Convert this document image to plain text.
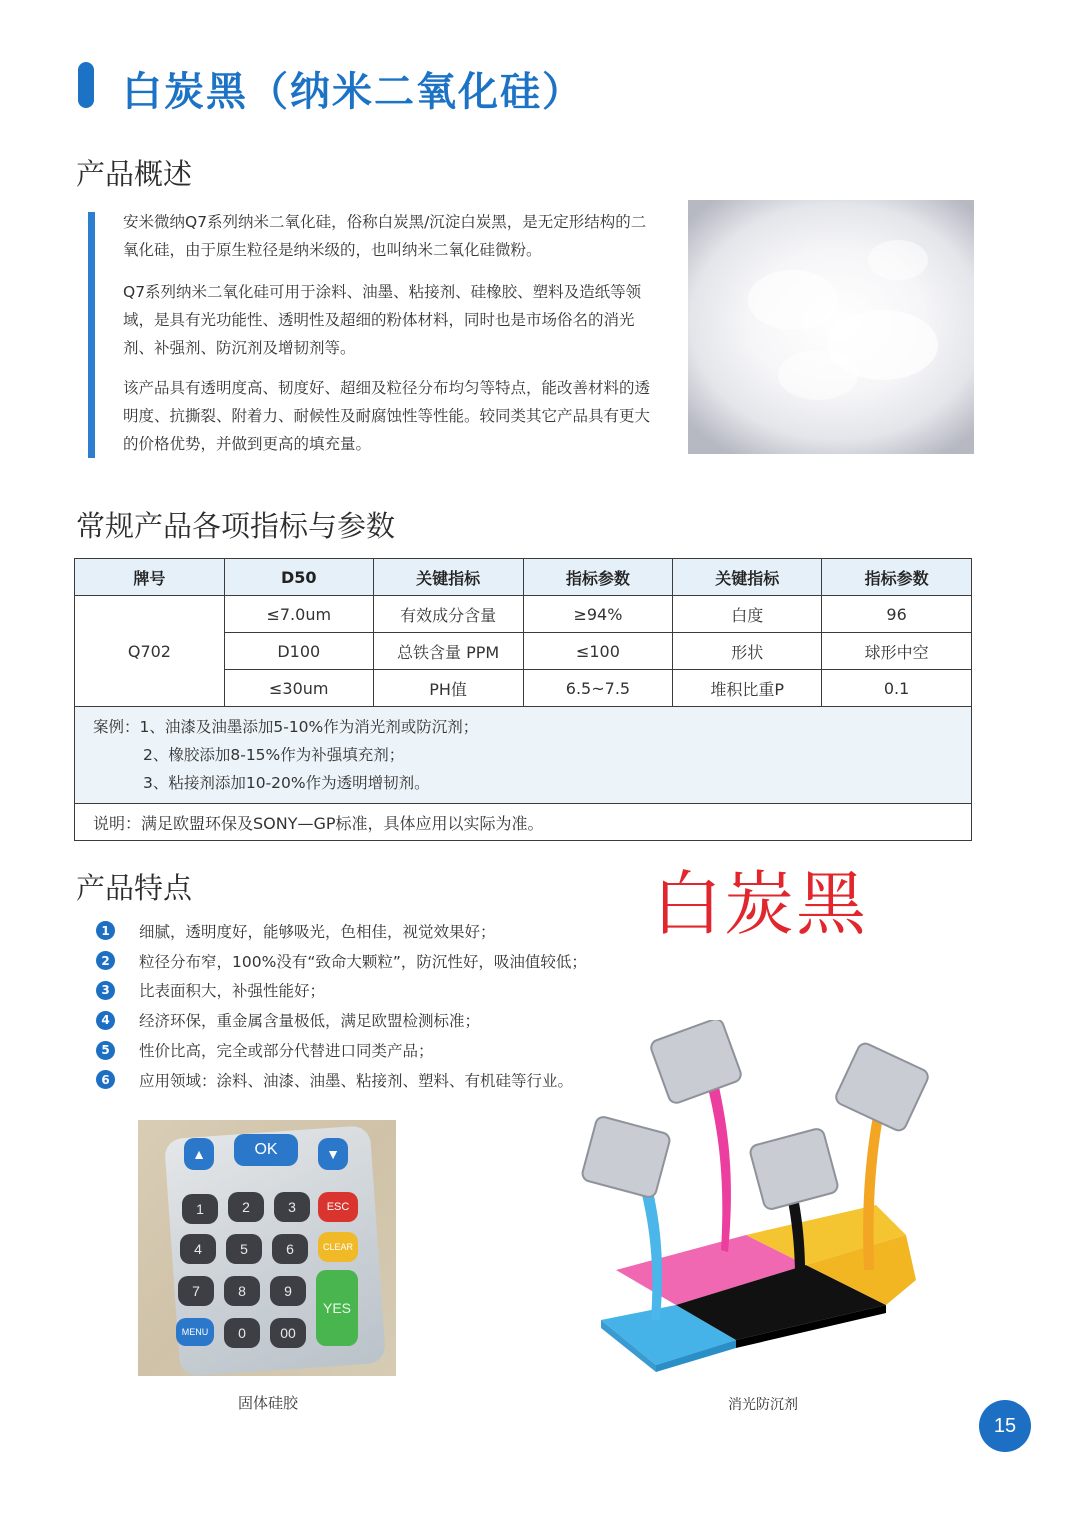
白炭黑（纳米二氧化硅）
产品概述

安米微纳Q7系列纳米二氧化硅，俗称白炭黑/沉淀白炭黑，是无定形结构的二氧化硅，由于原生粒径是纳米级的，也叫纳米二氧化硅微粉。

Q7系列纳米二氧化硅可用于涂料、油墨、粘接剂、硅橡胶、塑料及造纸等领域，是具有光功能性、透明性及超细的粉体材料，同时也是市场俗名的消光剂、补强剂、防沉剂及增韧剂等。

该产品具有透明度高、韧度好、超细及粒径分布均匀等特点，能改善材料的透明度、抗撕裂、附着力、耐候性及耐腐蚀性等性能。较同类其它产品具有更大的价格优势，并做到更高的填充量。

常规产品各项指标与参数
牌号	D50	关键指标	指标参数	关键指标	指标参数
Q702	≤7.0um	有效成分含量	≥94%	白度	96
	D100	总铁含量 PPM	≤100	形状	球形中空
	≤30um	PH值	6.5~7.5	堆积比重P	0.1

案例：1、油漆及油墨添加5-10%作为消光剂或防沉剂；
2、橡胶添加8-15%作为补强填充剂；
3、粘接剂添加10-20%作为透明增韧剂。					

说明：满足欧盟环保及SONY—GP标准，具体应用以实际为准。					
产品特点	白炭黑
1	细腻，透明度好，能够吸光，色相佳，视觉效果好；
2	粒径分布窄，100%没有“致命大颗粒”，防沉性好，吸油值较低；
3	比表面积大，补强性能好；
4	经济环保，重金属含量极低，满足欧盟检测标准；
5	性价比高，完全或部分代替进口同类产品；
6	应用领域：涂料、油漆、油墨、粘接剂、塑料、有机硅等行业。
▲	OK	▼
1	2	3	ESC
4	5	6	CLEAR
7	8	9
YES
MENU	0	00
固体硅胶	消光防沉剂
15
